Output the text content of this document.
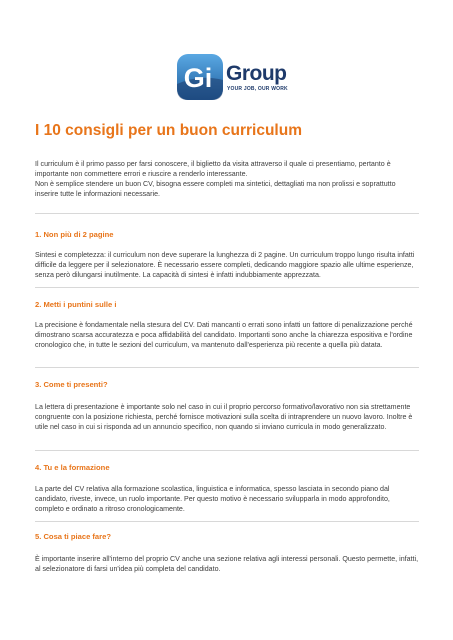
Gi Group
YOUR JOB, OUR WORK
I 10 consigli per un buon curriculum

Il curriculum è il primo passo per farsi conoscere, il biglietto da visita attraverso il quale ci presentiamo, pertanto è importante non commettere errori e riuscire a renderlo interessante.

Non è semplice stendere un buon CV, bisogna essere completi ma sintetici, dettagliati ma non prolissi e soprattutto inserire tutte le informazioni necessarie.

1. Non più di 2 pagine

Sintesi e completezza: il curriculum non deve superare la lunghezza di 2 pagine. Un curriculum troppo lungo risulta infatti difficile da leggere per il selezionatore. È necessario essere completi, dedicando maggiore spazio alle ultime esperienze, senza però dilungarsi inutilmente. La capacità di sintesi è infatti indubbiamente apprezzata.

2. Metti i puntini sulle i

La precisione è fondamentale nella stesura del CV. Dati mancanti o errati sono infatti un fattore di penalizzazione perché dimostrano scarsa accuratezza e poca affidabilità del candidato. Importanti sono anche la chiarezza espositiva e l'ordine cronologico che, in tutte le sezioni del curriculum, va mantenuto dall'esperienza più recente a quella più datata.

3. Come ti presenti?

La lettera di presentazione è importante solo nel caso in cui il proprio percorso formativo/lavorativo non sia strettamente congruente con la posizione richiesta, perché fornisce motivazioni sulla scelta di intraprendere un nuovo lavoro. Inoltre è utile nel caso in cui si risponda ad un annuncio specifico, non quando si inviano curricula in modo generalizzato.

4. Tu e la formazione

La parte del CV relativa alla formazione scolastica, linguistica e informatica, spesso lasciata in secondo piano dal candidato, riveste, invece, un ruolo importante. Per questo motivo è necessario svilupparla in modo approfondito, completo e ordinato a ritroso cronologicamente.

5. Cosa ti piace fare?

È importante inserire all'interno del proprio CV anche una sezione relativa agli interessi personali. Questo permette, infatti, al selezionatore di farsi un'idea più completa del candidato.
